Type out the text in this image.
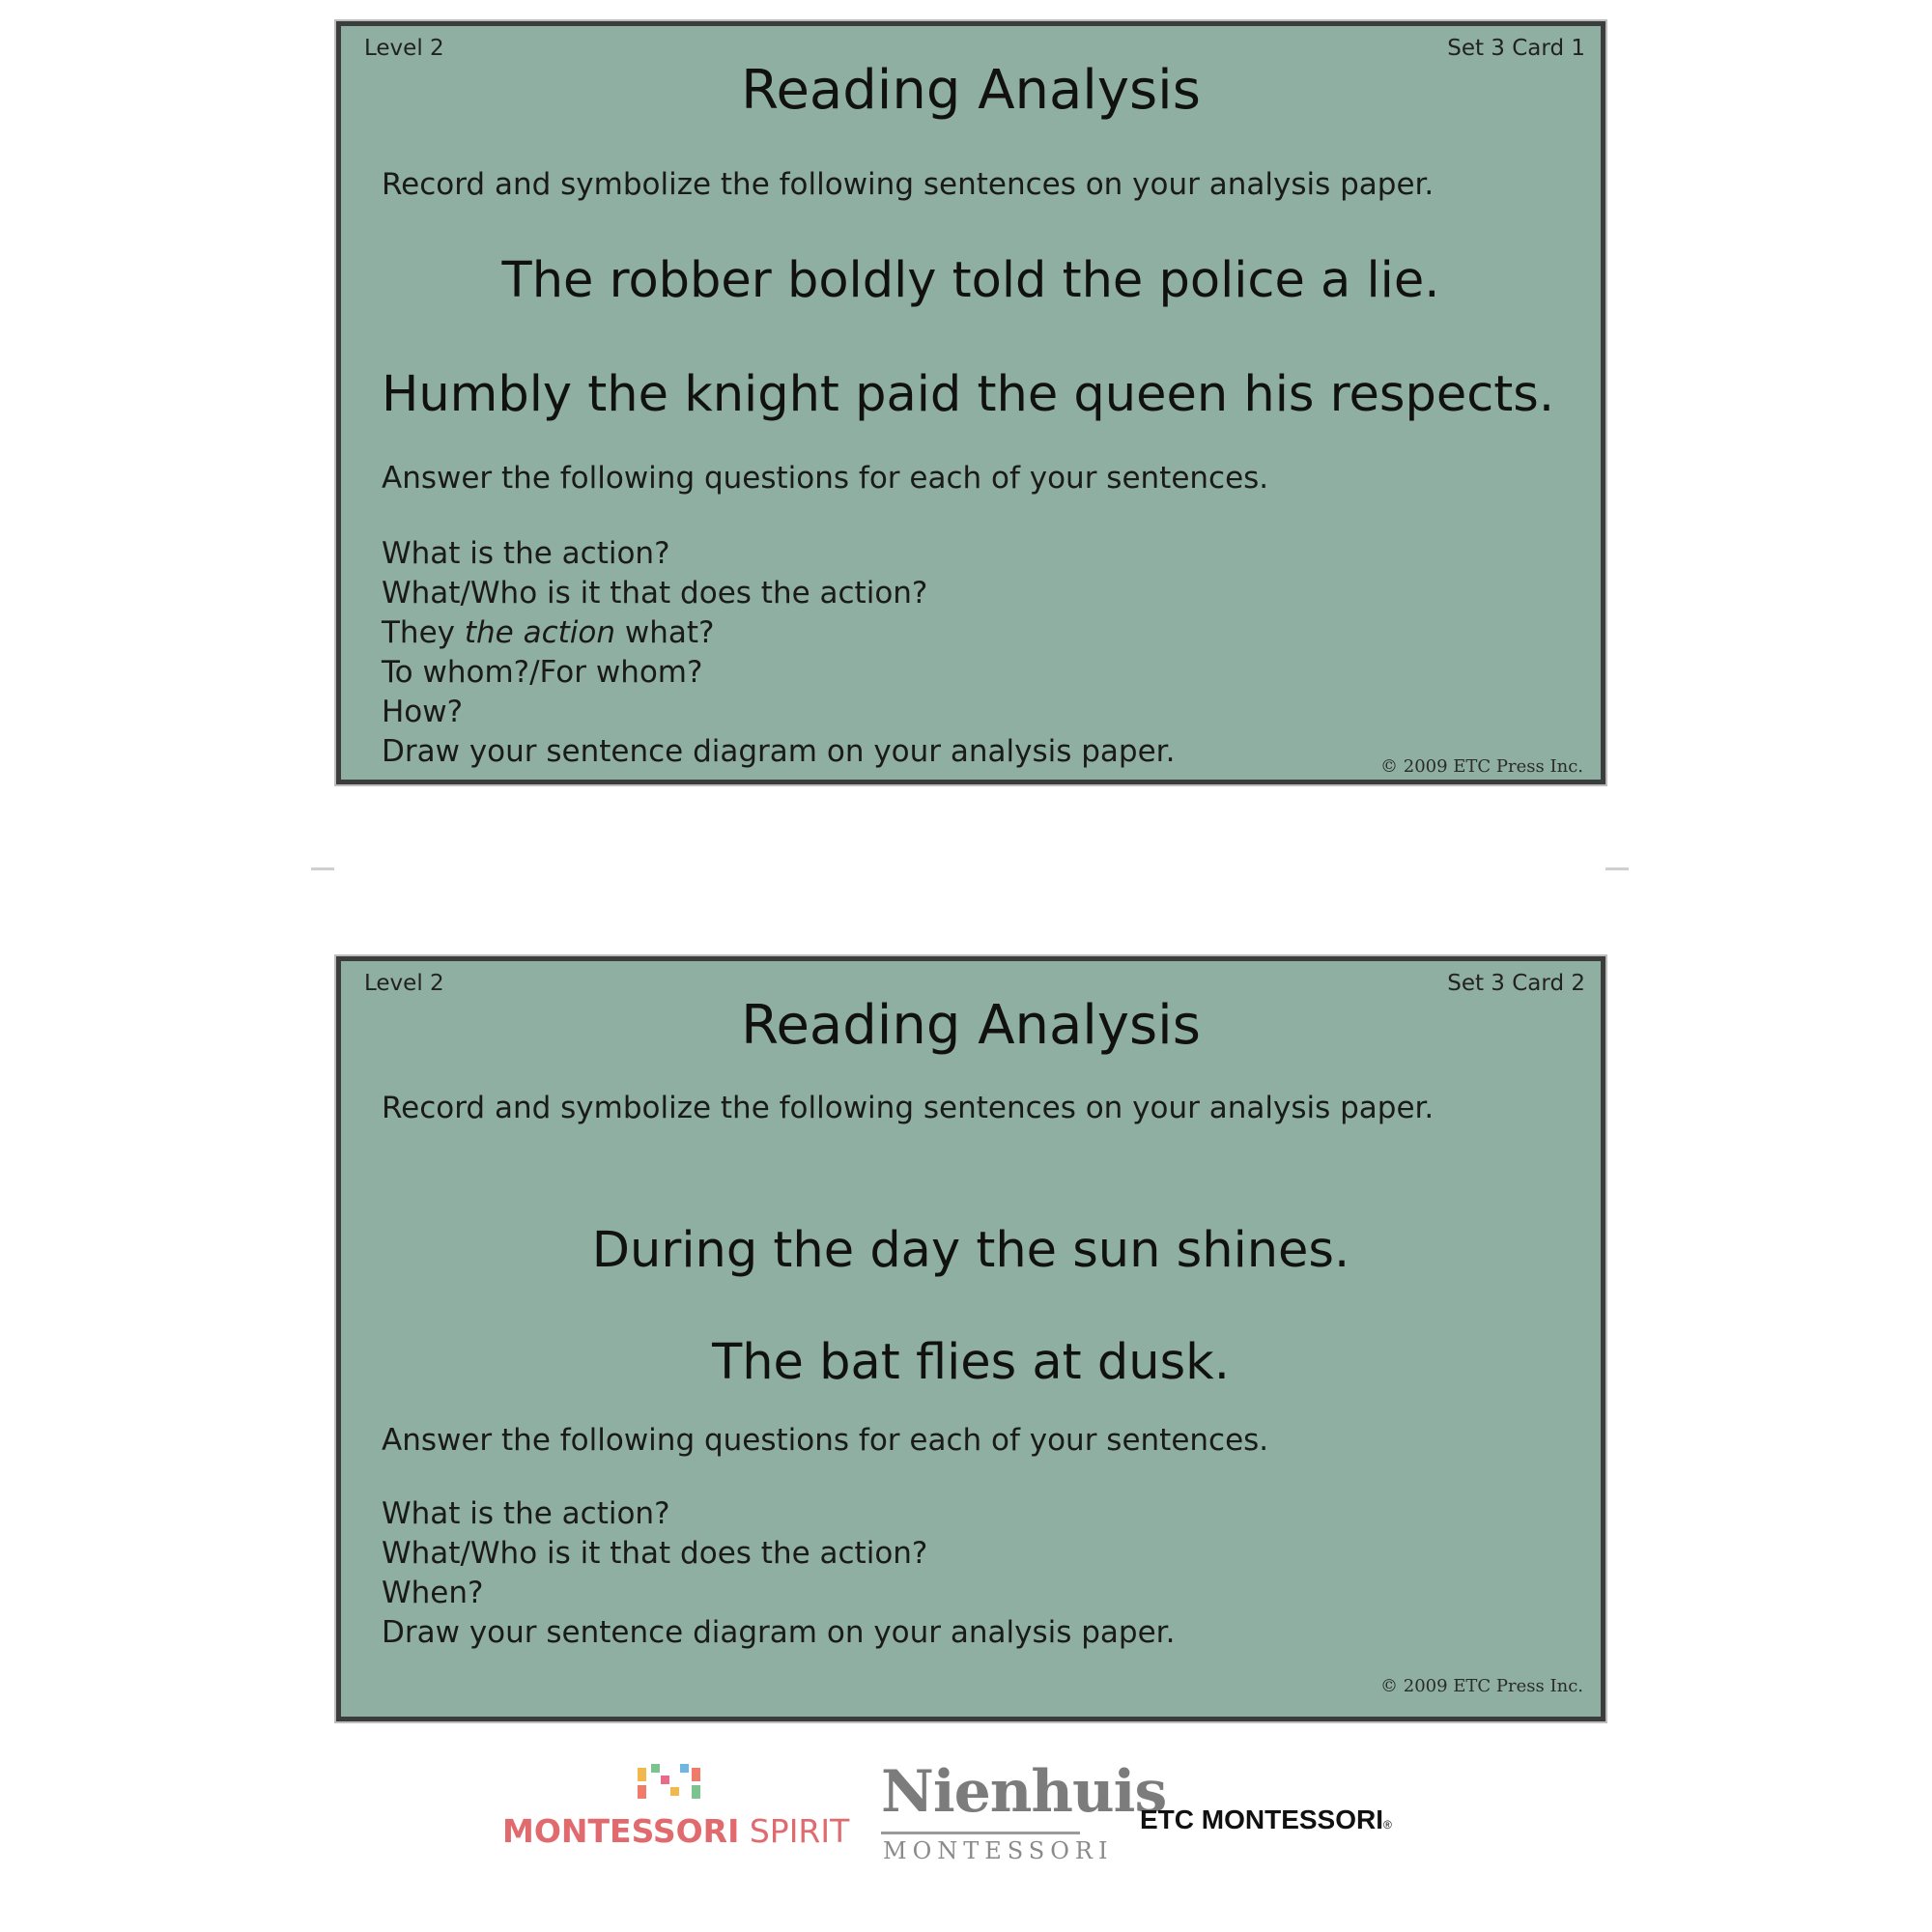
Level 2	Set 3 Card 1
Reading Analysis
Record and symbolize the following sentences on your analysis paper.
The robber boldly told the police a lie.
Humbly the knight paid the queen his respects.
Answer the following questions for each of your sentences.
What is the action?
What/Who is it that does the action?
They the action what?
To whom?/For whom?
How?
Draw your sentence diagram on your analysis paper.	© 2009 ETC Press Inc.
Level 2	Set 3 Card 2
Reading Analysis
Record and symbolize the following sentences on your analysis paper.
During the day the sun shines.
The bat flies at dusk.
Answer the following questions for each of your sentences.
What is the action?
What/Who is it that does the action?
When?
Draw your sentence diagram on your analysis paper.
© 2009 ETC Press Inc.
MONTESSORI SPIRIT
Nienhuis
MONTESSORI
ETC MONTESSORI®
